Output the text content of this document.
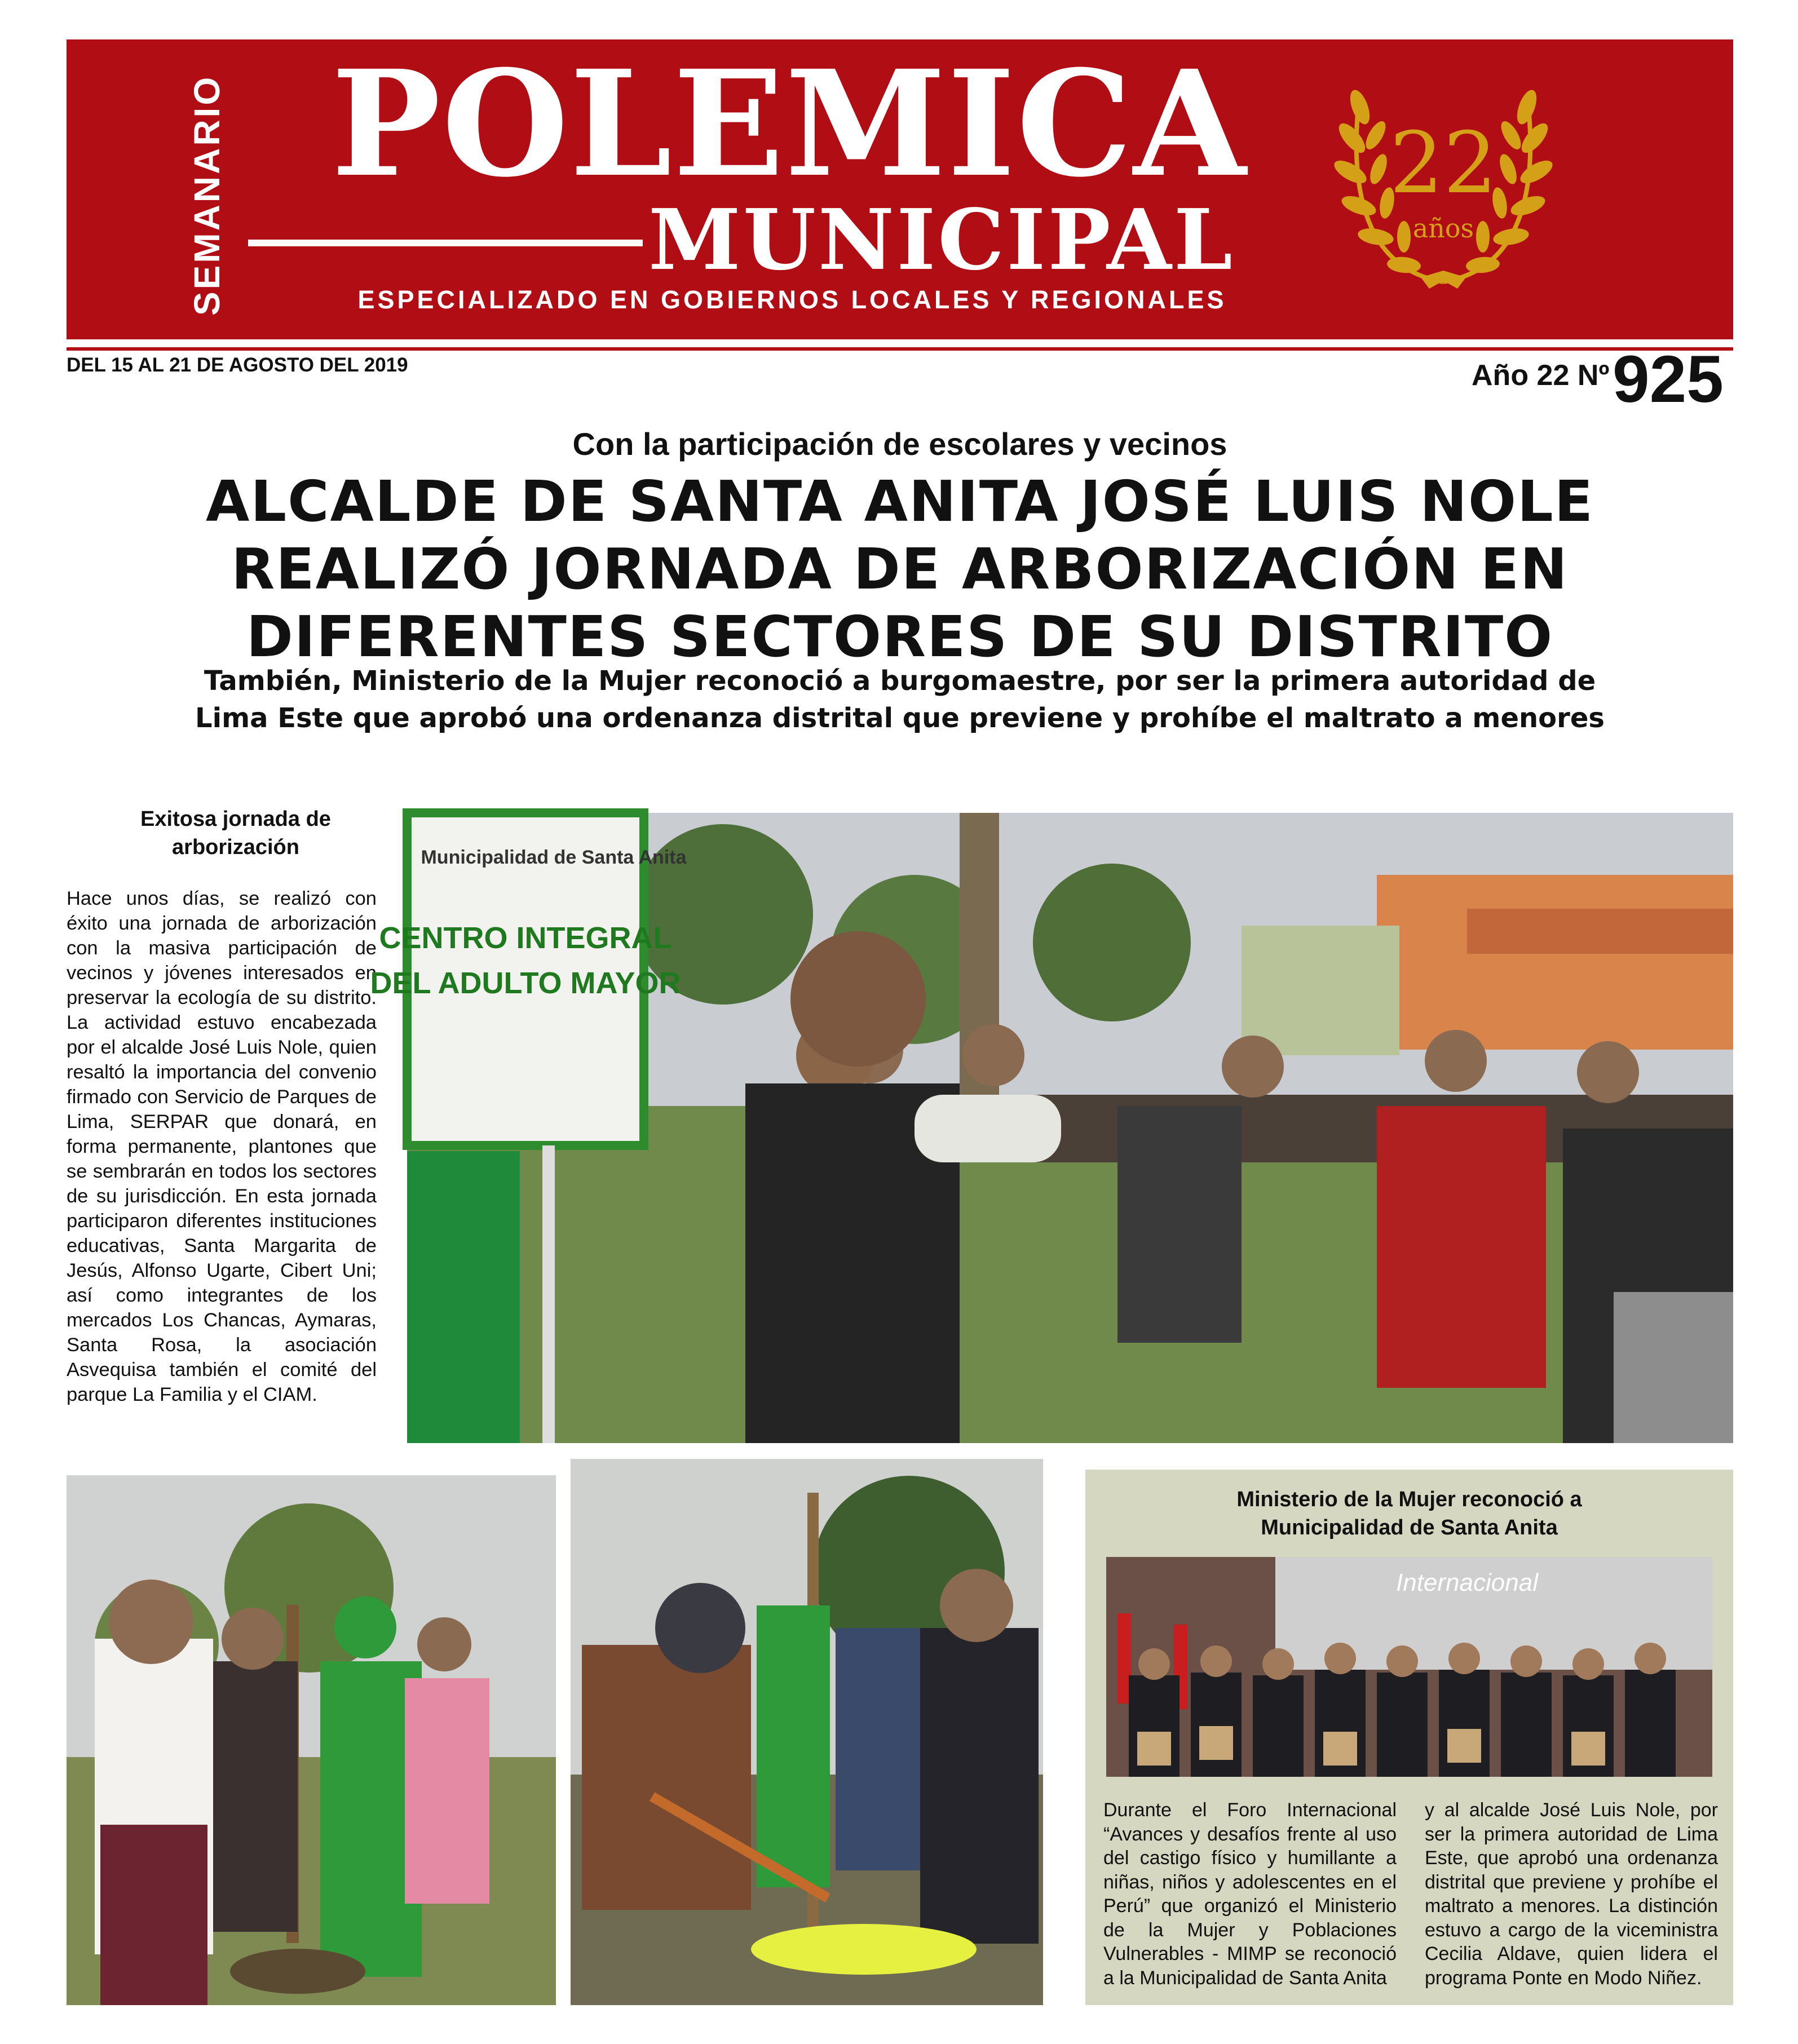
SEMANARIO POLEMICA
MUNICIPAL
ESPECIALIZADO EN GOBIERNOS LOCALES Y REGIONALES
22
años
DEL 15 AL 21 DE AGOSTO DEL 2019	Año 22 Nº 925
Con la participación de escolares y vecinos
ALCALDE DE SANTA ANITA JOSÉ LUIS NOLE
REALIZÓ JORNADA DE ARBORIZACIÓN EN
DIFERENTES SECTORES DE SU DISTRITO
También, Ministerio de la Mujer reconoció a burgomaestre, por ser la primera autoridad de
Lima Este que aprobó una ordenanza distrital que previene y prohíbe el maltrato a menores
Exitosa jornada de
arborización
Hace unos días, se realizó con éxito una jornada de arborización con la masiva participación de vecinos y jóvenes interesados en preservar la ecología de su distrito. La actividad estuvo encabezada por el alcalde José Luis Nole, quien resaltó la importancia del convenio firmado con Servicio de Parques de Lima, SERPAR que donará, en forma permanente, plantones que se sembrarán en todos los sectores de su jurisdicción. En esta jornada participaron diferentes instituciones educativas, Santa Margarita de Jesús, Alfonso Ugarte, Cibert Uni; así como integrantes de los mercados Los Chancas, Aymaras, Santa Rosa, la asociación Asvequisa también el comité del parque La Familia y el CIAM.
CENTRO INTEGRAL
DEL ADULTO MAYOR
Municipalidad de Santa Anita
Ministerio de la Mujer reconoció a
Municipalidad de Santa Anita
Internacional
Durante el Foro Internacional “Avances y desafíos frente al uso del castigo físico y humillante a niñas, niños y adolescentes en el Perú” que organizó el Ministerio de la Mujer y Poblaciones Vulnerables - MIMP se reconoció a la Municipalidad de Santa Anita
y al alcalde José Luis Nole, por ser la primera autoridad de Lima Este, que aprobó una ordenanza distrital que previene y prohíbe el maltrato a menores. La distinción estuvo a cargo de la viceministra Cecilia Aldave, quien lidera el programa Ponte en Modo Niñez.
